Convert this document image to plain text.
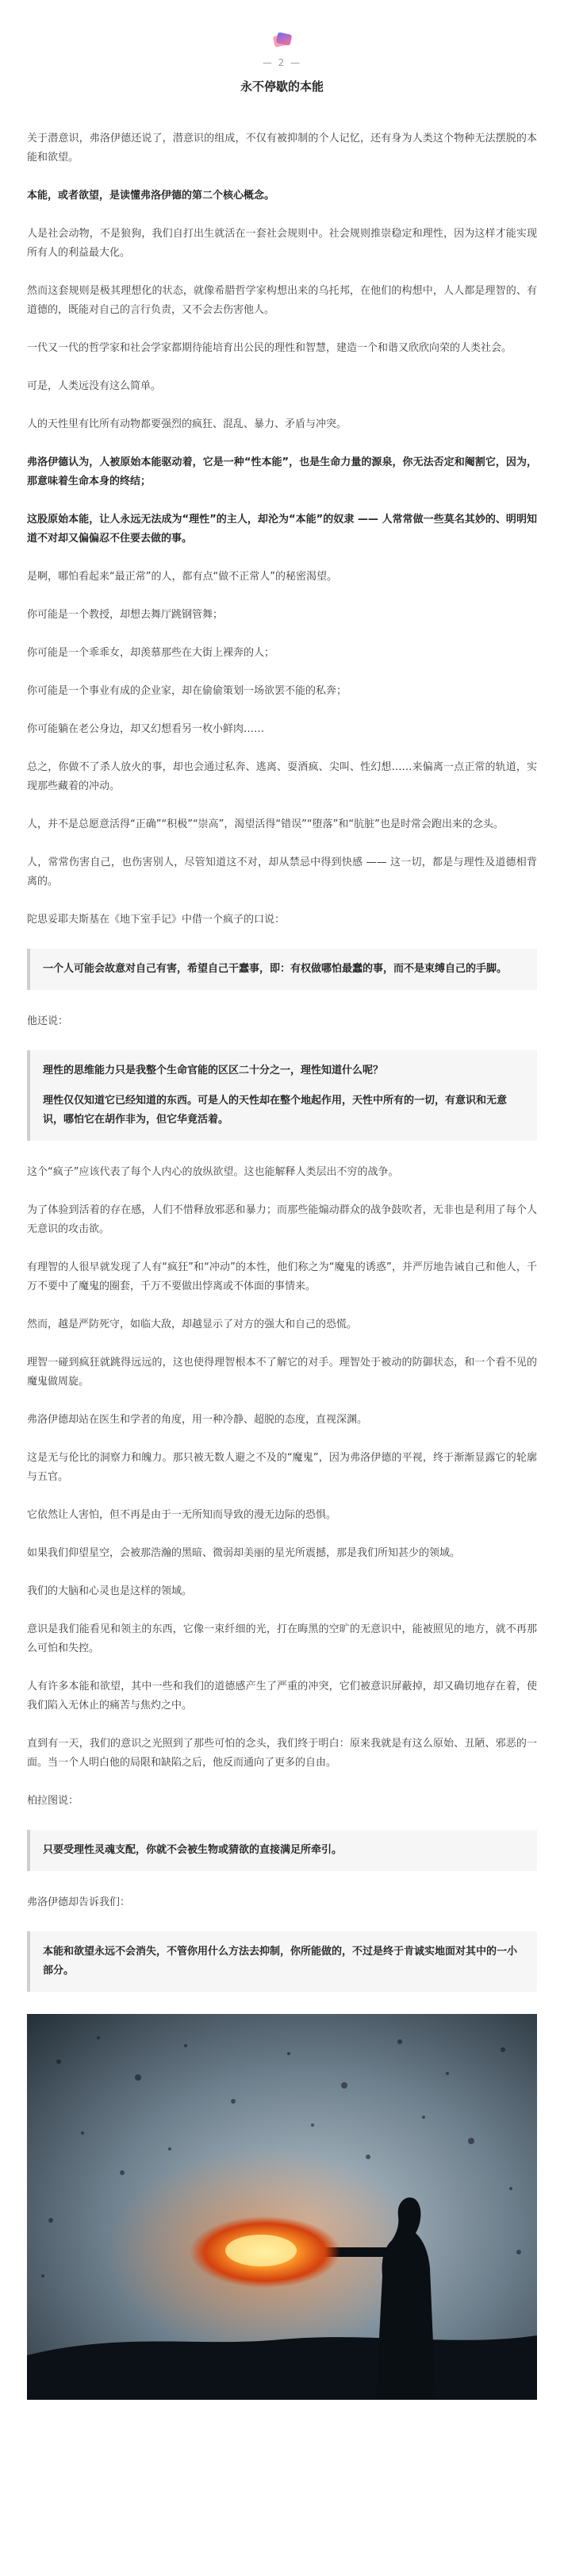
— 2 —
永不停歇的本能

关于潜意识，弗洛伊德还说了，潜意识的组成，不仅有被抑制的个人记忆，还有身为人类这个物种无法摆脱的本能和欲望。

本能，或者欲望，是读懂弗洛伊德的第二个核心概念。

人是社会动物，不是狼狗，我们自打出生就活在一套社会规则中。社会规则推崇稳定和理性，因为这样才能实现所有人的利益最大化。

然而这套规则是极其理想化的状态，就像希腊哲学家构想出来的乌托邦，在他们的构想中，人人都是理智的、有道德的，既能对自己的言行负责，又不会去伤害他人。

一代又一代的哲学家和社会学家都期待能培育出公民的理性和智慧，建造一个和谐又欣欣向荣的人类社会。

可是，人类远没有这么简单。

人的天性里有比所有动物都要强烈的疯狂、混乱、暴力、矛盾与冲突。

弗洛伊德认为，人被原始本能驱动着，它是一种“性本能”，也是生命力量的源泉，你无法否定和阉割它，因为，那意味着生命本身的终结；

这股原始本能，让人永远无法成为“理性”的主人，却沦为“本能”的奴隶 —— 人常常做一些莫名其妙的、明明知道不对却又偏偏忍不住要去做的事。

是啊，哪怕看起来“最正常”的人，都有点“做不正常人”的秘密渴望。

你可能是一个教授，却想去舞厅跳钢管舞；

你可能是一个乖乖女，却羡慕那些在大街上裸奔的人；

你可能是一个事业有成的企业家，却在偷偷策划一场欲罢不能的私奔；

你可能躺在老公身边，却又幻想看另一枚小鲜肉……

总之，你做不了杀人放火的事，却也会通过私奔、逃离、耍酒疯、尖叫、性幻想……来偏离一点正常的轨道，实现那些藏着的冲动。

人，并不是总愿意活得“正确”“积极”“崇高”，渴望活得“错误”“堕落”和“肮脏”也是时常会跑出来的念头。

人，常常伤害自己，也伤害别人，尽管知道这不对，却从禁忌中得到快感 —— 这一切，都是与理性及道德相背离的。

陀思妥耶夫斯基在《地下室手记》中借一个疯子的口说：

一个人可能会故意对自己有害，希望自己干蠢事，即：有权做哪怕最蠢的事，而不是束缚自己的手脚。

他还说：

理性的思维能力只是我整个生命官能的区区二十分之一，理性知道什么呢？

理性仅仅知道它已经知道的东西。可是人的天性却在整个地起作用，天性中所有的一切，有意识和无意识，哪怕它在胡作非为，但它华竟活着。

这个“疯子”应该代表了每个人内心的放纵欲望。这也能解释人类层出不穷的战争。

为了体验到活着的存在感，人们不惜释放邪恶和暴力；而那些能煽动群众的战争鼓吹者，无非也是利用了每个人无意识的攻击欲。

有理智的人很早就发现了人有“疯狂”和“冲动”的本性，他们称之为“魔鬼的诱惑”，并严厉地告诫自己和他人，千万不要中了魔鬼的圈套，千万不要做出悖离或不体面的事情来。

然而，越是严防死守，如临大敌，却越显示了对方的强大和自己的恐慌。

理智一碰到疯狂就跳得远远的，这也使得理智根本不了解它的对手。理智处于被动的防御状态，和一个看不见的魔鬼做周旋。

弗洛伊德却站在医生和学者的角度，用一种冷静、超脱的态度，直视深渊。

这是无与伦比的洞察力和魄力。那只被无数人避之不及的“魔鬼”，因为弗洛伊德的平视，终于渐渐显露它的轮廓与五官。

它依然让人害怕，但不再是由于一无所知而导致的漫无边际的恐惧。

如果我们仰望星空，会被那浩瀚的黑暗、微弱却美丽的星光所震撼，那是我们所知甚少的领域。

我们的大脑和心灵也是这样的领域。

意识是我们能看见和领主的东西，它像一束纤细的光，打在晦黑的空旷的无意识中，能被照见的地方，就不再那么可怕和失控。

人有许多本能和欲望，其中一些和我们的道德感产生了严重的冲突，它们被意识屏蔽掉，却又确切地存在着，使我们陷入无休止的痛苦与焦灼之中。

直到有一天，我们的意识之光照到了那些可怕的念头，我们终于明白：原来我就是有这么原始、丑陋、邪恶的一面。当一个人明白他的局限和缺陷之后，他反而通向了更多的自由。

柏拉图说：

只要受理性灵魂支配，你就不会被生物或猜欲的直接满足所牵引。

弗洛伊德却告诉我们：

本能和欲望永远不会消失，不管你用什么方法去抑制，你所能做的，不过是终于肯诚实地面对其中的一小部分。
